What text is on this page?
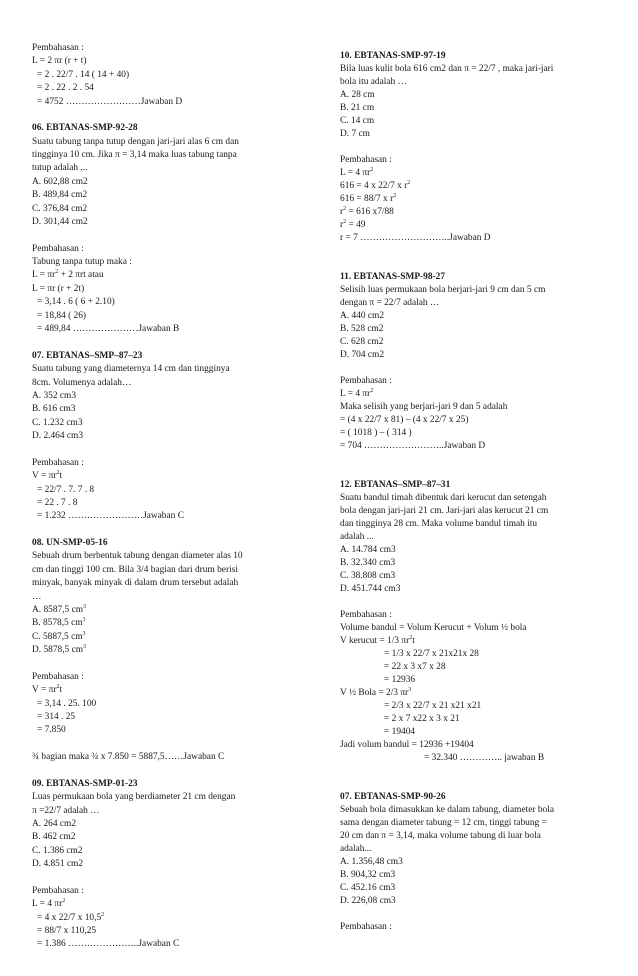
Pembahasan :
L = 2 πr (r + t)
= 2 . 22/7 . 14 ( 14 + 40)
= 2 . 22 . 2 . 54
= 4752 ……………………Jawaban D
06. EBTANAS-SMP-92-28
Suatu tabung tanpa tutup dengan jari-jari alas 6 cm dan
tingginya 10 cm. Jika π = 3,14 maka luas tabung tanpa
tutup adalah ,..
A. 602,88 cm2
B. 489,84 cm2
C. 376,84 cm2
D. 301,44 cm2
Pembahasan :
Tabung tanpa tutup maka :
$L = \pi r^2 + 2$ πrt atau
L = πr (r + 2t)
= 3,14 . 6 ( 6 + 2.10)
= 18,84 ( 26)
= 489,84 …………………Jawaban B
07. EBTANAS–SMP–87–23
Suatu tabung yang diameternya 14 cm dan tingginya
8cm. Volumenya adalah…
A. 352 cm3
B. 616 cm3
C. 1.232 cm3
D. 2.464 cm3
Pembahasan :
$V = \pi r^2t$
= 22/7 . 7. 7 . 8
= 22 . 7 . 8
= 1.232 ……………………Jawaban C
08. UN-SMP-05-16
Sebuah drum berbentuk tabung dengan diameter alas 10
cm dan tinggi 100 cm. Bila 3/4 bagian dari drum berisi
minyak, banyak minyak di dalam drum tersebut adalah
…
A. 8587,5 $cm^3$
B. 8578,5 $cm^3$
C. 5887,5 $cm^3$
D. 5878,5 $cm^3$
Pembahasan :
$V = \pi r^2t$
= 3,14 . 25. 100
= 314 . 25
= 7.850
¾ bagian maka ¾ x 7.850 = 5887,5……Jawaban C
09. EBTANAS-SMP-01-23
Luas permukaan bola yang berdiameter 21 cm dengan
π =22/7 adalah …
A. 264 cm2
B. 462 cm2
C. 1.386 cm2
D. 4.851 cm2
Pembahasan :
L = 4 $\pi r^2$
= 4 x 22/7 x $10,5^2$
= 88/7 x 110,25
= 1.386 …………………..Jawaban C
10. EBTANAS-SMP-97-19
Bila luas kulit bola 616 cm2 dan π = 22/7 , maka jari-jari
bola itu adalah …
A. 28 cm
B. 21 cm
C. 14 cm
D. 7 cm
Pembahasan :
L = 4 $\pi r^2$
616 = 4 x 22/7 x $r^2$
616 = 88/7 x $r^2$
$r^2 = 616$ x7/88
$r^2 = 49$
r = 7 ………………………..Jawaban D
11. EBTANAS-SMP-98-27
Selisih luas permukaan bola berjari-jari 9 cm dan 5 cm
dengan π = 22/7 adalah …
A. 440 cm2
B. 528 cm2
C. 628 cm2
D. 704 cm2
Pembahasan :
L = 4 $\pi r^2$
Maka selisih yang berjari-jari 9 dan 5 adalah
= (4 x 22/7 x 81) – (4 x 22/7 x 25)
= ( 1018 ) – ( 314 )
= 704 ……………………..Jawaban D
12. EBTANAS–SMP–87–31
Suatu bandul timah dibentuk dari kerucut dan setengah
bola dengan jari-jari 21 cm. Jari-jari alas kerucut 21 cm
dan tingginya 28 cm. Maka volume bandul timah itu
adalah ...
A. 14.784 cm3
B. 32.340 cm3
C. 38.808 cm3
D. 451.744 cm3
Pembahasan :
Volume bandul = Volum Kerucut + Volum ½ bola
V kerucut = 1/3 $\pi r^2t$
= 1/3 x 22/7 x 21x21x 28
= 22 x 3 x7 x 28
= 12936
V ½ Bola = 2/3 $\pi r^3$
= 2/3 x 22/7 x 21 x21 x21
= 2 x 7 x22 x 3 x 21
= 19404
Jadi volum bandul = 12936 +19404
= 32.340 ………….. jawaban B
07. EBTANAS-SMP-90-26
Sebuah bola dimasukkan ke dalam tabung, diameter bola
sama dengan diameter tabung = 12 cm, tinggi tabung =
20 cm dan π = 3,14, maka volume tabung di luar bola
adalah...
A. 1.356,48 cm3
B. 904,32 cm3
C. 452.16 cm3
D. 226,08 cm3
Pembahasan :
